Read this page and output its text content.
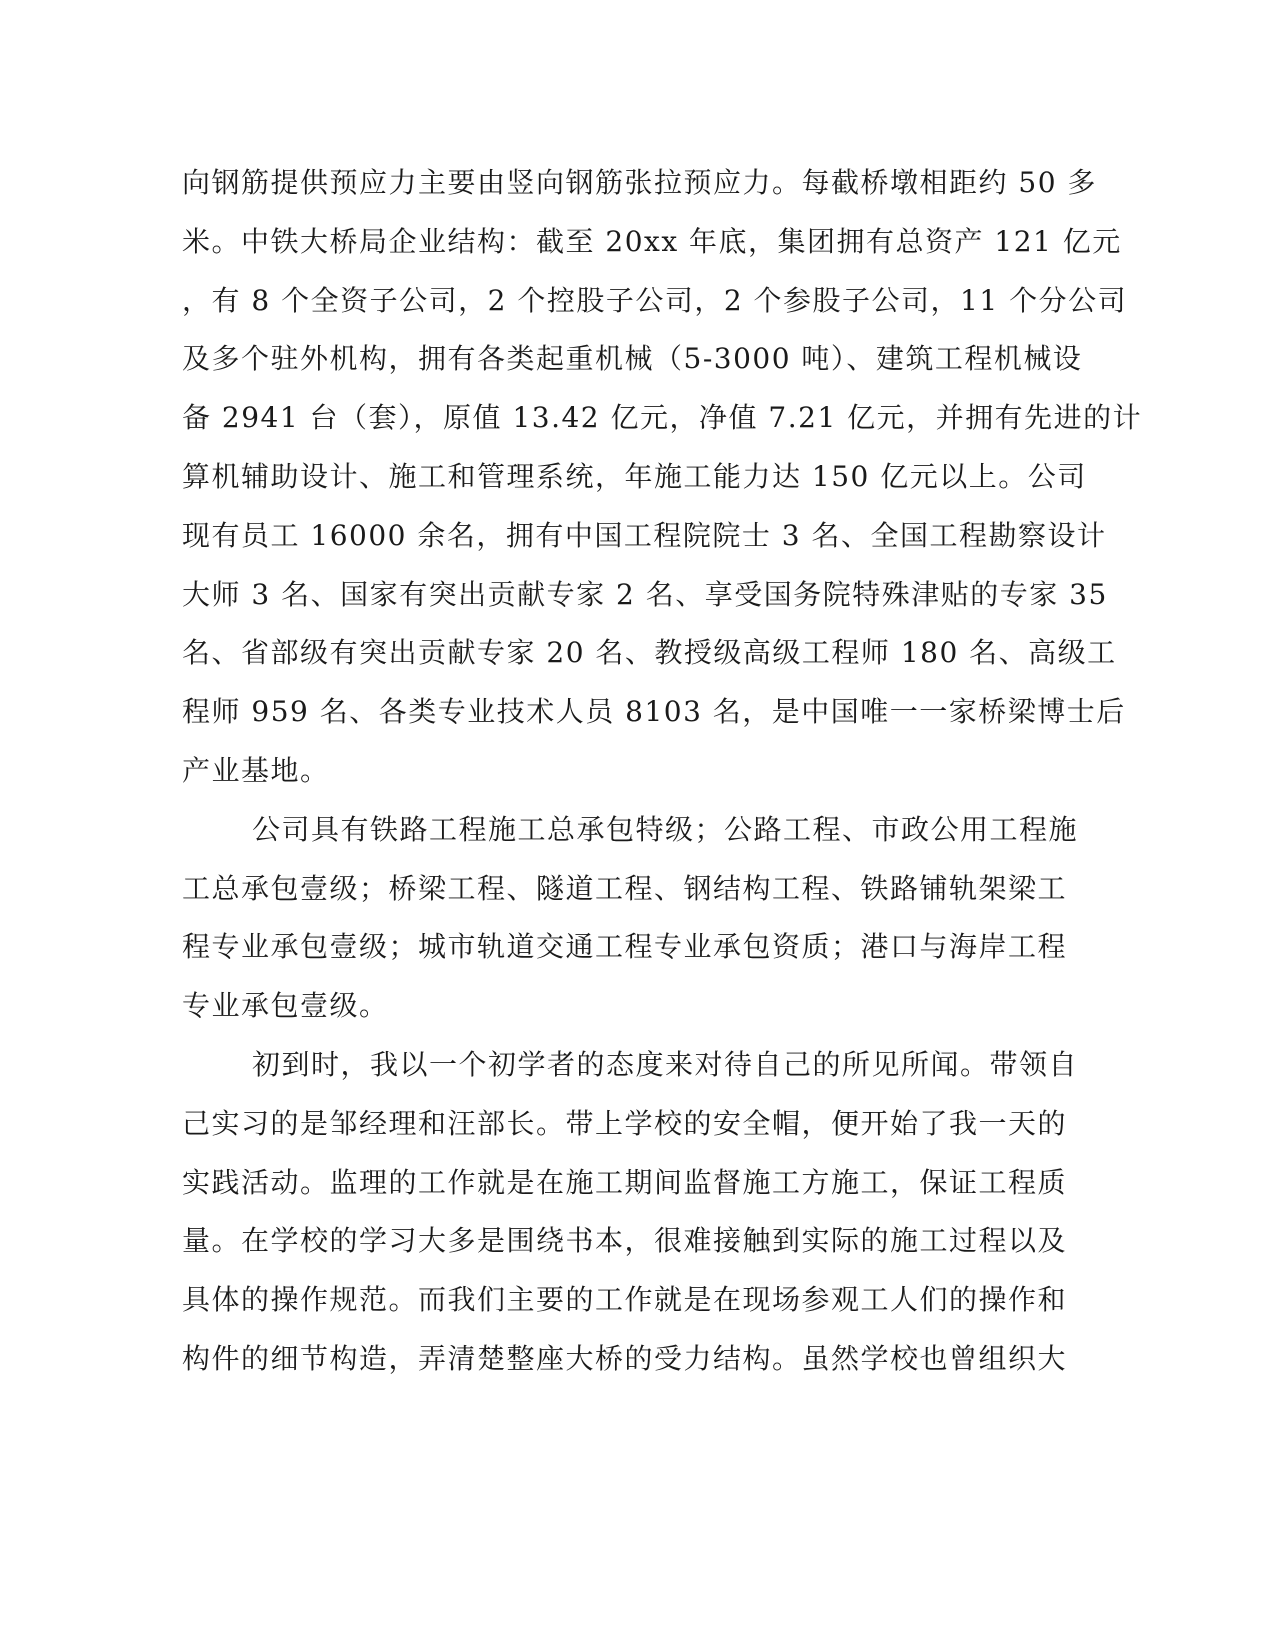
向钢筋提供预应力主要由竖向钢筋张拉预应力。每截桥墩相距约 50 多
米。中铁大桥局企业结构：截至 20xx 年底，集团拥有总资产 121 亿元
，有 8 个全资子公司，2 个控股子公司，2 个参股子公司，11 个分公司
及多个驻外机构，拥有各类起重机械（5-3000 吨）、建筑工程机械设
备 2941 台（套），原值 13.42 亿元，净值 7.21 亿元，并拥有先进的计
算机辅助设计、施工和管理系统，年施工能力达 150 亿元以上。公司
现有员工 16000 余名，拥有中国工程院院士 3 名、全国工程勘察设计
大师 3 名、国家有突出贡献专家 2 名、享受国务院特殊津贴的专家 35
名、省部级有突出贡献专家 20 名、教授级高级工程师 180 名、高级工
程师 959 名、各类专业技术人员 8103 名，是中国唯一一家桥梁博士后
产业基地。
公司具有铁路工程施工总承包特级；公路工程、市政公用工程施
工总承包壹级；桥梁工程、隧道工程、钢结构工程、铁路铺轨架梁工
程专业承包壹级；城市轨道交通工程专业承包资质；港口与海岸工程
专业承包壹级。
初到时，我以一个初学者的态度来对待自己的所见所闻。带领自
己实习的是邹经理和汪部长。带上学校的安全帽，便开始了我一天的
实践活动。监理的工作就是在施工期间监督施工方施工，保证工程质
量。在学校的学习大多是围绕书本，很难接触到实际的施工过程以及
具体的操作规范。而我们主要的工作就是在现场参观工人们的操作和
构件的细节构造，弄清楚整座大桥的受力结构。虽然学校也曾组织大
